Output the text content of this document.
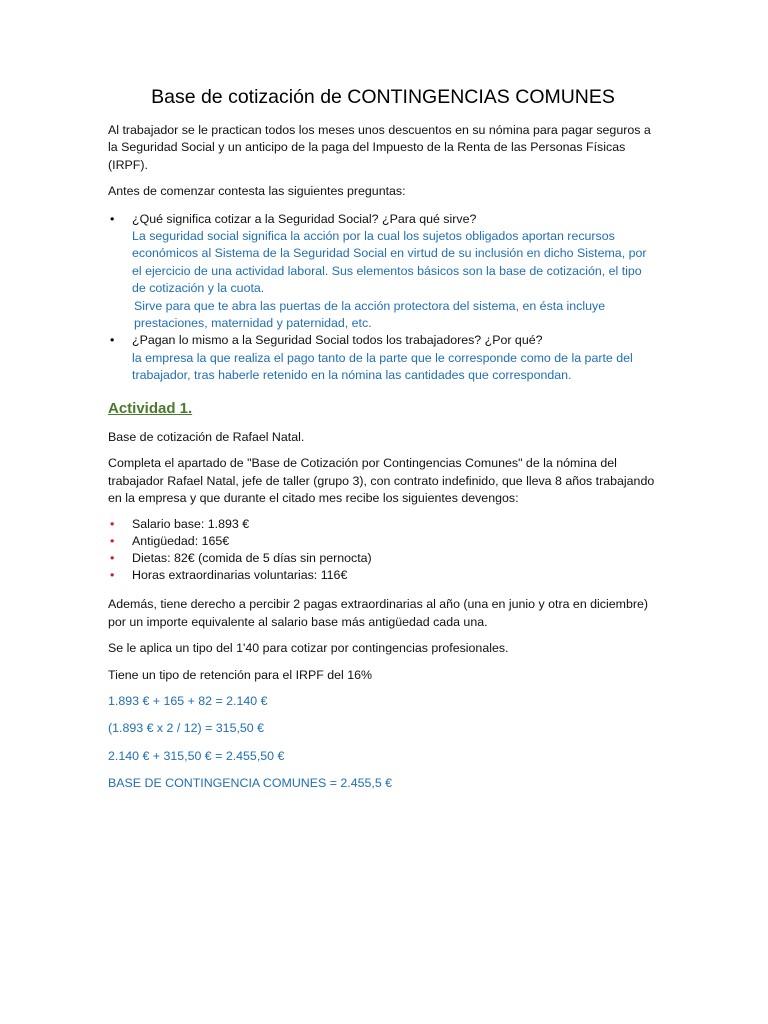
Base de cotización de CONTINGENCIAS COMUNES

Al trabajador se le practican todos los meses unos descuentos en su nómina para pagar seguros a la Seguridad Social y un anticipo de la paga del Impuesto de la Renta de las Personas Físicas (IRPF).

Antes de comenzar contesta las siguientes preguntas:

• ¿Qué significa cotizar a la Seguridad Social? ¿Para qué sirve?
La seguridad social significa la acción por la cual los sujetos obligados aportan recursos económicos al Sistema de la Seguridad Social en virtud de su inclusión en dicho Sistema, por el ejercicio de una actividad laboral. Sus elementos básicos son la base de cotización, el tipo de cotización y la cuota.
Sirve para que te abra las puertas de la acción protectora del sistema, en ésta incluye prestaciones, maternidad y paternidad, etc.
• ¿Pagan lo mismo a la Seguridad Social todos los trabajadores? ¿Por qué?
la empresa la que realiza el pago tanto de la parte que le corresponde como de la parte del trabajador, tras haberle retenido en la nómina las cantidades que correspondan.
Actividad 1.

Base de cotización de Rafael Natal.

Completa el apartado de "Base de Cotización por Contingencias Comunes" de la nómina del trabajador Rafael Natal, jefe de taller (grupo 3), con contrato indefinido, que lleva 8 años trabajando en la empresa y que durante el citado mes recibe los siguientes devengos:

• Salario base: 1.893 €
• Antigüedad: 165€
• Dietas: 82€ (comida de 5 días sin pernocta)
• Horas extraordinarias voluntarias: 116€

Además, tiene derecho a percibir 2 pagas extraordinarias al año (una en junio y otra en diciembre) por un importe equivalente al salario base más antigüedad cada una.

Se le aplica un tipo del 1'40 para cotizar por contingencias profesionales.

Tiene un tipo de retención para el IRPF del 16%

1.893 € + 165 + 82 = 2.140 €

(1.893 € x 2 / 12) = 315,50 €

2.140 € + 315,50 € = 2.455,50 €

BASE DE CONTINGENCIA COMUNES = 2.455,5 €
